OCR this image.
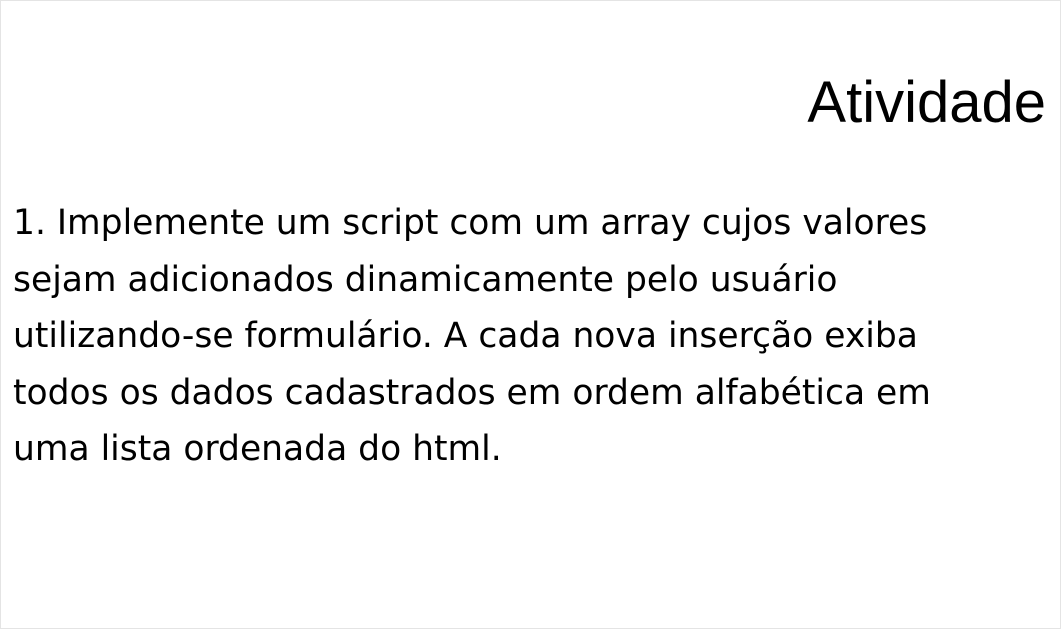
Atividade

1. Implemente um script com um array cujos valores
sejam adicionados dinamicamente pelo usuário
utilizando-se formulário. A cada nova inserção exiba
todos os dados cadastrados em ordem alfabética em
uma lista ordenada do html.
